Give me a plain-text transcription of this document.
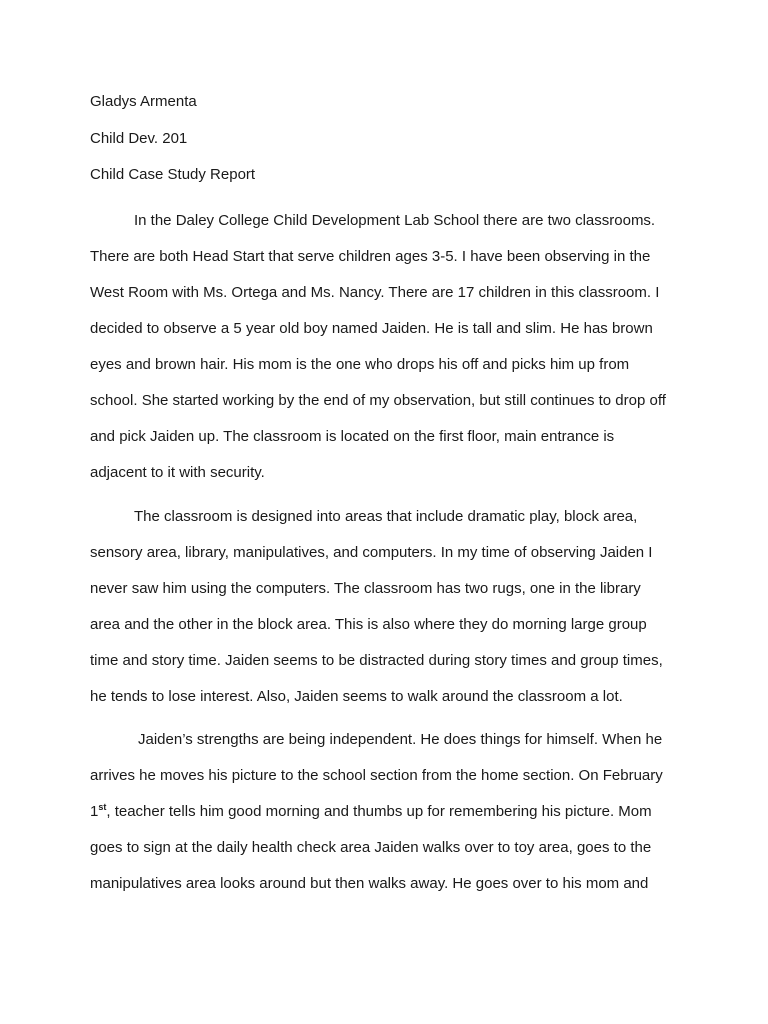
Gladys Armenta
Child Dev. 201
Child Case Study Report
In the Daley College Child Development Lab School there are two classrooms.
There are both Head Start that serve children ages 3-5. I have been observing in the
West Room with Ms. Ortega and Ms. Nancy. There are 17 children in this classroom. I
decided to observe a 5 year old boy named Jaiden. He is tall and slim. He has brown
eyes and brown hair. His mom is the one who drops his off and picks him up from
school. She started working by the end of my observation, but still continues to drop off
and pick Jaiden up. The classroom is located on the first floor, main entrance is
adjacent to it with security.
The classroom is designed into areas that include dramatic play, block area,
sensory area, library, manipulatives, and computers. In my time of observing Jaiden I
never saw him using the computers. The classroom has two rugs, one in the library
area and the other in the block area. This is also where they do morning large group
time and story time. Jaiden seems to be distracted during story times and group times,
he tends to lose interest. Also, Jaiden seems to walk around the classroom a lot.
Jaiden’s strengths are being independent. He does things for himself. When he
arrives he moves his picture to the school section from the home section. On February
1st, teacher tells him good morning and thumbs up for remembering his picture. Mom
goes to sign at the daily health check area Jaiden walks over to toy area, goes to the
manipulatives area looks around but then walks away. He goes over to his mom and
